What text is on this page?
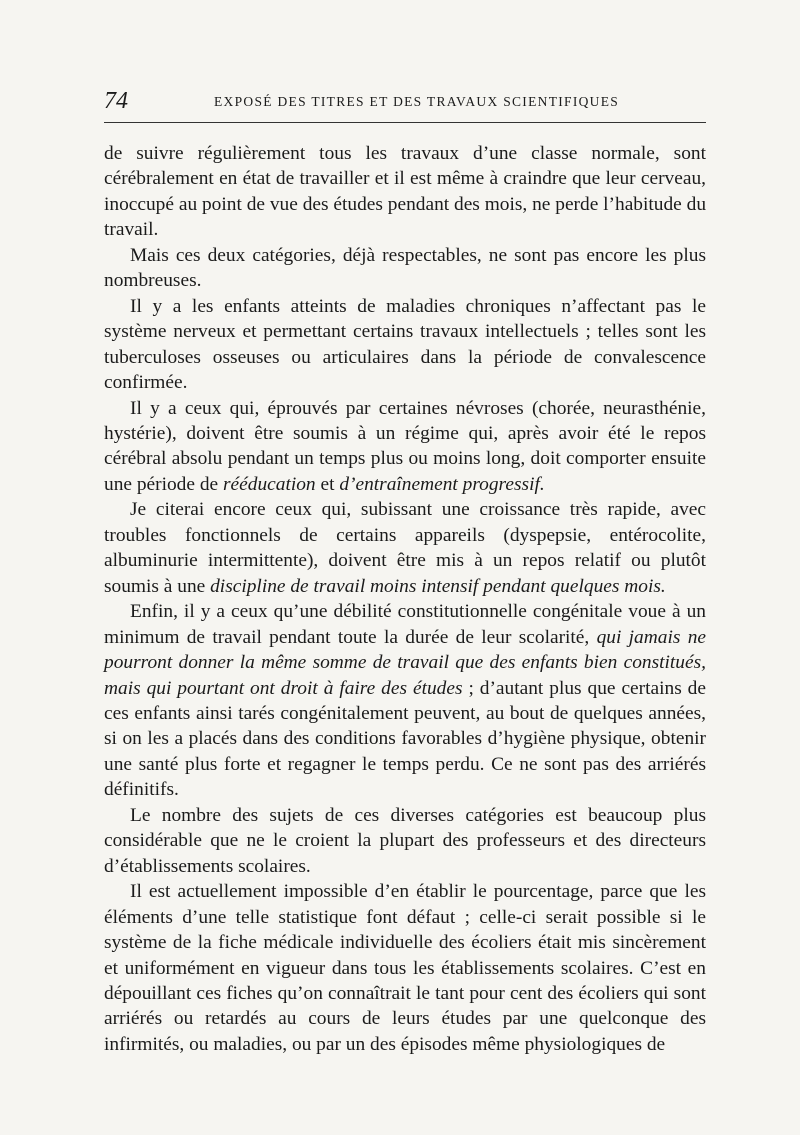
74	EXPOSÉ DES TITRES ET DES TRAVAUX SCIENTIFIQUES

de suivre régulièrement tous les travaux d’une classe normale, sont cérébralement en état de travailler et il est même à craindre que leur cerveau, inoccupé au point de vue des études pendant des mois, ne perde l’habitude du travail.

Mais ces deux catégories, déjà respectables, ne sont pas encore les plus nombreuses.

Il y a les enfants atteints de maladies chroniques n’affectant pas le système nerveux et permettant certains travaux intellectuels ; telles sont les tuberculoses osseuses ou articulaires dans la période de convalescence confirmée.

Il y a ceux qui, éprouvés par certaines névroses (chorée, neurasthénie, hystérie), doivent être soumis à un régime qui, après avoir été le repos cérébral absolu pendant un temps plus ou moins long, doit comporter ensuite une période de rééducation et d’entraînement progressif.

Je citerai encore ceux qui, subissant une croissance très rapide, avec troubles fonctionnels de certains appareils (dyspepsie, entérocolite, albuminurie intermittente), doivent être mis à un repos relatif ou plutôt soumis à une discipline de travail moins intensif pendant quelques mois.

Enfin, il y a ceux qu’une débilité constitutionnelle congénitale voue à un minimum de travail pendant toute la durée de leur scolarité, qui jamais ne pourront donner la même somme de travail que des enfants bien constitués, mais qui pourtant ont droit à faire des études ; d’autant plus que certains de ces enfants ainsi tarés congénitalement peuvent, au bout de quelques années, si on les a placés dans des conditions favorables d’hygiène physique, obtenir une santé plus forte et regagner le temps perdu. Ce ne sont pas des arriérés définitifs.

Le nombre des sujets de ces diverses catégories est beaucoup plus considérable que ne le croient la plupart des professeurs et des directeurs d’établissements scolaires.

Il est actuellement impossible d’en établir le pourcentage, parce que les éléments d’une telle statistique font défaut ; celle-ci serait possible si le système de la fiche médicale individuelle des écoliers était mis sincèrement et uniformément en vigueur dans tous les établissements scolaires. C’est en dépouillant ces fiches qu’on connaîtrait le tant pour cent des écoliers qui sont arriérés ou retardés au cours de leurs études par une quelconque des infirmités, ou maladies, ou par un des épisodes même physiologiques de
